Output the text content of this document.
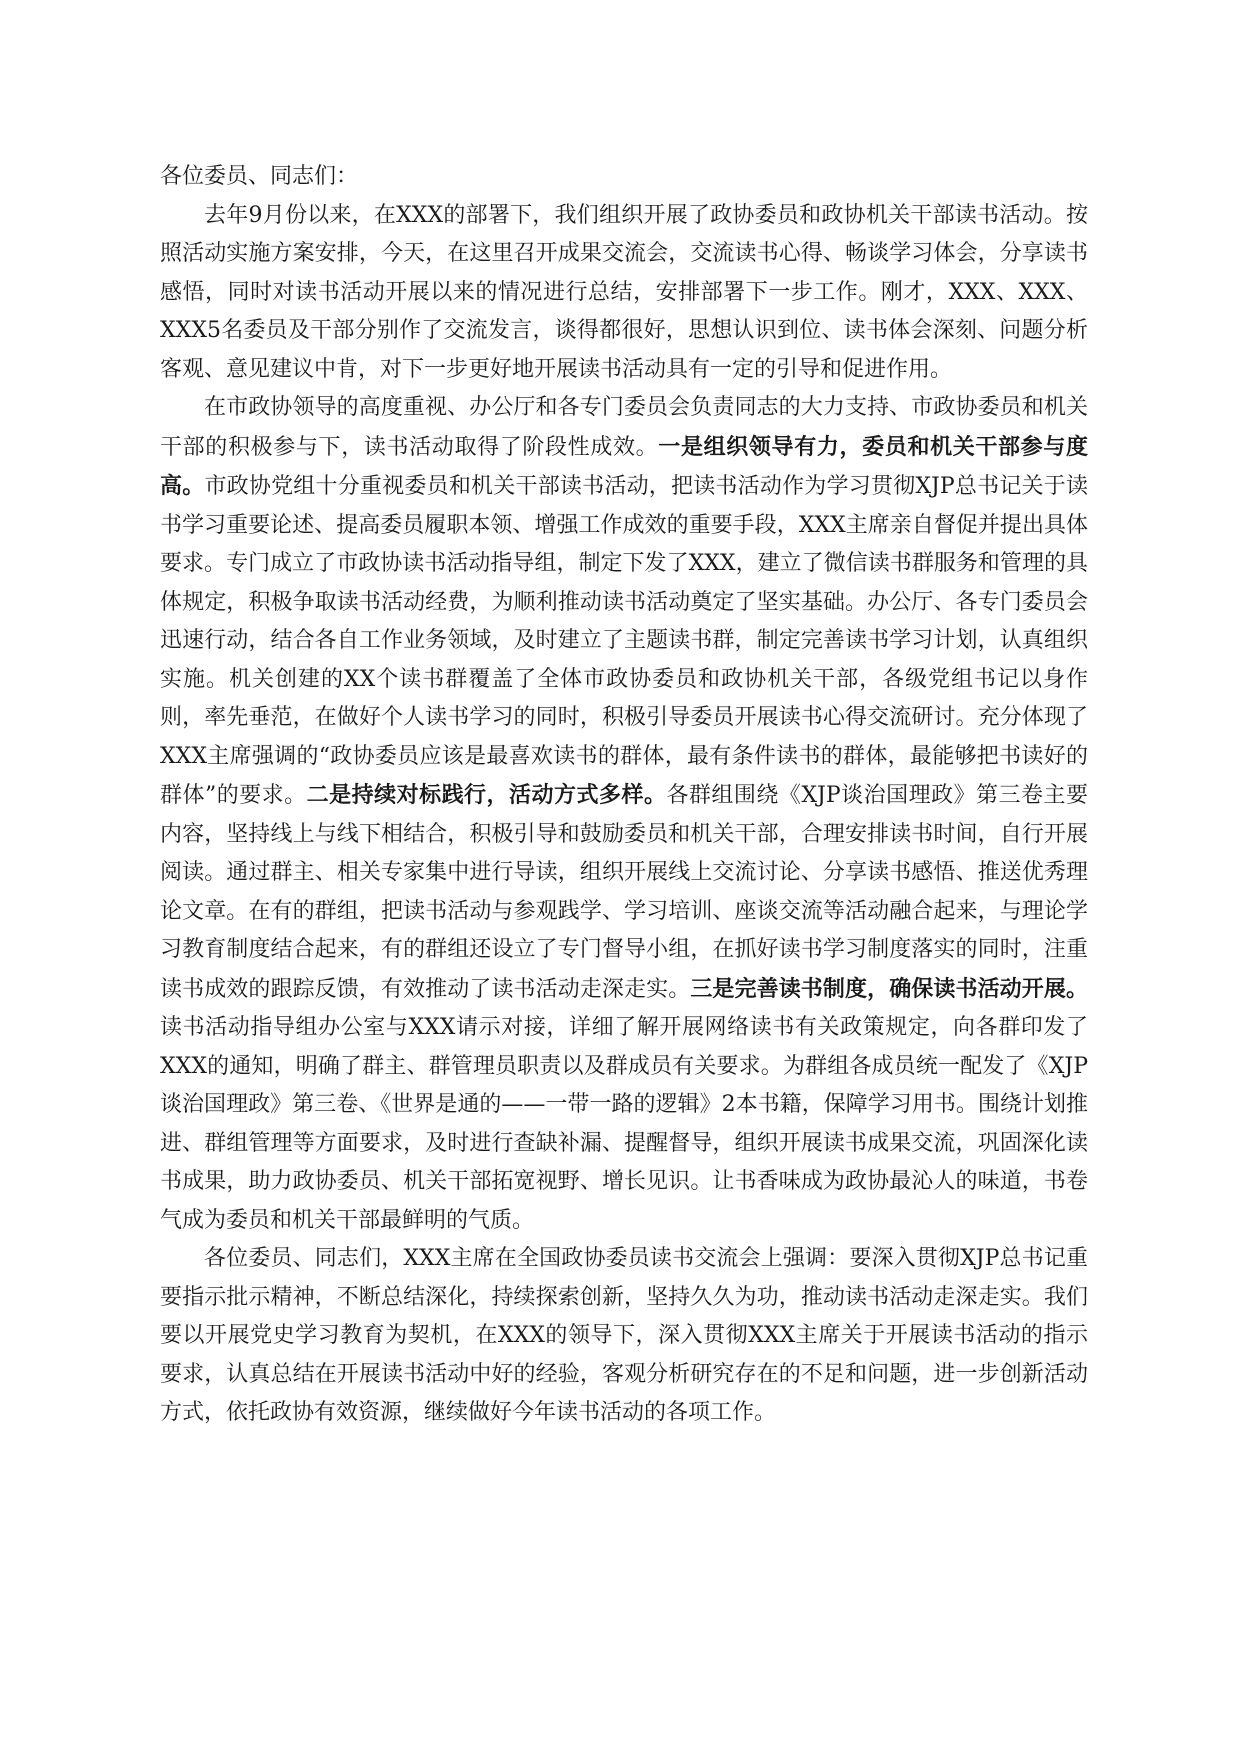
各位委员、同志们：

去年9月份以来，在XXX的部署下，我们组织开展了政协委员和政协机关干部读书活动。按照活动实施方案安排，今天，在这里召开成果交流会，交流读书心得、畅谈学习体会，分享读书感悟，同时对读书活动开展以来的情况进行总结，安排部署下一步工作。刚才，XXX、XXX、XXX5名委员及干部分别作了交流发言，谈得都很好，思想认识到位、读书体会深刻、问题分析客观、意见建议中肯，对下一步更好地开展读书活动具有一定的引导和促进作用。

在市政协领导的高度重视、办公厅和各专门委员会负责同志的大力支持、市政协委员和机关干部的积极参与下，读书活动取得了阶段性成效。一是组织领导有力，委员和机关干部参与度高。市政协党组十分重视委员和机关干部读书活动，把读书活动作为学习贯彻XJP总书记关于读书学习重要论述、提高委员履职本领、增强工作成效的重要手段，XXX主席亲自督促并提出具体要求。专门成立了市政协读书活动指导组，制定下发了XXX，建立了微信读书群服务和管理的具体规定，积极争取读书活动经费，为顺利推动读书活动奠定了坚实基础。办公厅、各专门委员会迅速行动，结合各自工作业务领域，及时建立了主题读书群，制定完善读书学习计划，认真组织实施。机关创建的XX个读书群覆盖了全体市政协委员和政协机关干部，各级党组书记以身作则，率先垂范，在做好个人读书学习的同时，积极引导委员开展读书心得交流研讨。充分体现了XXX主席强调的“政协委员应该是最喜欢读书的群体，最有条件读书的群体，最能够把书读好的群体”的要求。二是持续对标践行，活动方式多样。各群组围绕《XJP谈治国理政》第三卷主要内容，坚持线上与线下相结合，积极引导和鼓励委员和机关干部，合理安排读书时间，自行开展阅读。通过群主、相关专家集中进行导读，组织开展线上交流讨论、分享读书感悟、推送优秀理论文章。在有的群组，把读书活动与参观践学、学习培训、座谈交流等活动融合起来，与理论学习教育制度结合起来，有的群组还设立了专门督导小组，在抓好读书学习制度落实的同时，注重读书成效的跟踪反馈，有效推动了读书活动走深走实。三是完善读书制度，确保读书活动开展。读书活动指导组办公室与XXX请示对接，详细了解开展网络读书有关政策规定，向各群印发了XXX的通知，明确了群主、群管理员职责以及群成员有关要求。为群组各成员统一配发了《XJP谈治国理政》第三卷、《世界是通的——一带一路的逻辑》2本书籍，保障学习用书。围绕计划推进、群组管理等方面要求，及时进行查缺补漏、提醒督导，组织开展读书成果交流，巩固深化读书成果，助力政协委员、机关干部拓宽视野、增长见识。让书香味成为政协最沁人的味道，书卷气成为委员和机关干部最鲜明的气质。

各位委员、同志们，XXX主席在全国政协委员读书交流会上强调：要深入贯彻XJP总书记重要指示批示精神，不断总结深化，持续探索创新，坚持久久为功，推动读书活动走深走实。我们要以开展党史学习教育为契机，在XXX的领导下，深入贯彻XXX主席关于开展读书活动的指示要求，认真总结在开展读书活动中好的经验，客观分析研究存在的不足和问题，进一步创新活动方式，依托政协有效资源，继续做好今年读书活动的各项工作。
